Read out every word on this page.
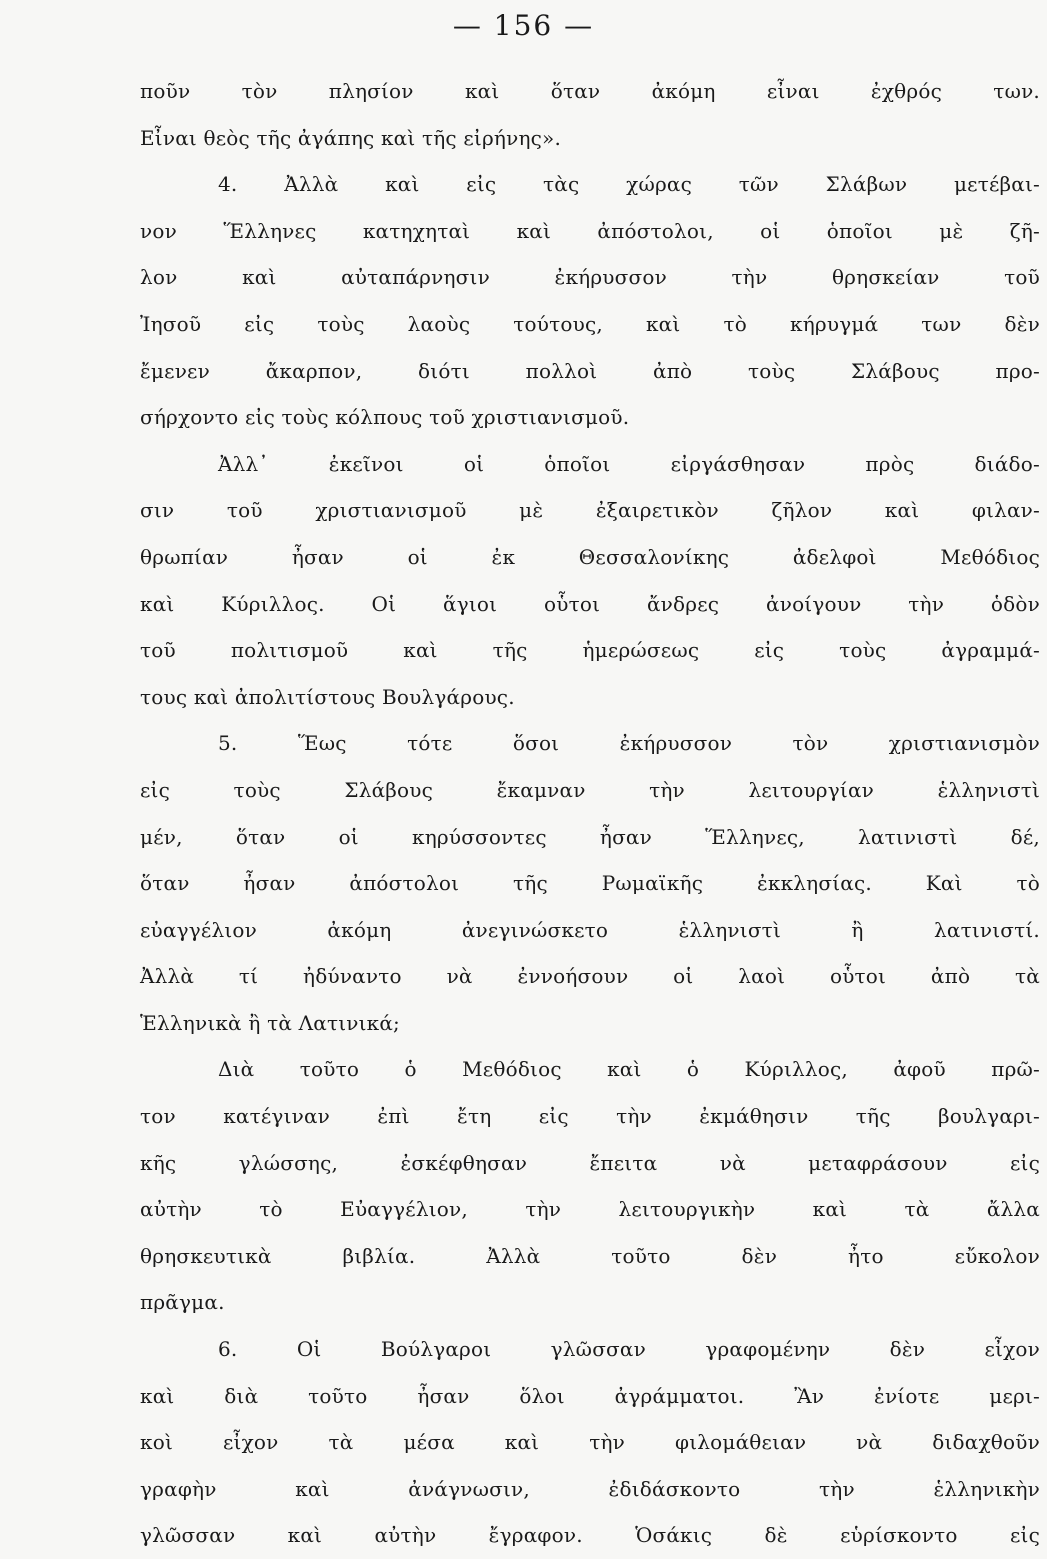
— 156 —
ποῦν τὸν πλησίον καὶ ὅταν ἀκόμη εἶναι ἐχθρός των.
Εἶναι θεὸς τῆς ἀγάπης καὶ τῆς εἰρήνης».
4. Ἀλλὰ καὶ εἰς τὰς χώρας τῶν Σλάβων μετέβαι-
νον Ἕλληνες κατηχηταὶ καὶ ἀπόστολοι, οἱ ὁποῖοι μὲ ζῆ-
λον καὶ αὐταπάρνησιν ἐκήρυσσον τὴν θρησκείαν τοῦ
Ἰησοῦ εἰς τοὺς λαοὺς τούτους, καὶ τὸ κήρυγμά των δὲν
ἔμενεν ἄκαρπον, διότι πολλοὶ ἀπὸ τοὺς Σλάβους προ-
σήρχοντο εἰς τοὺς κόλπους τοῦ χριστιανισμοῦ.
Ἀλλ᾽ ἐκεῖνοι οἱ ὁποῖοι εἰργάσθησαν πρὸς διάδο-
σιν τοῦ χριστιανισμοῦ μὲ ἐξαιρετικὸν ζῆλον καὶ φιλαν-
θρωπίαν ἦσαν οἱ ἐκ Θεσσαλονίκης ἀδελφοὶ Μεθόδιος
καὶ Κύριλλος. Οἱ ἅγιοι οὗτοι ἄνδρες ἀνοίγουν τὴν ὁδὸν
τοῦ πολιτισμοῦ καὶ τῆς ἡμερώσεως εἰς τοὺς ἀγραμμά-
τους καὶ ἀπολιτίστους Βουλγάρους.
5. Ἕως τότε ὅσοι ἐκήρυσσον τὸν χριστιανισμὸν
εἰς τοὺς Σλάβους ἔκαμναν τὴν λειτουργίαν ἑλληνιστὶ
μέν, ὅταν οἱ κηρύσσοντες ἦσαν Ἕλληνες, λατινιστὶ δέ,
ὅταν ἦσαν ἀπόστολοι τῆς Ρωμαϊκῆς ἐκκλησίας. Καὶ τὸ
εὐαγγέλιον ἀκόμη ἀνεγινώσκετο ἑλληνιστὶ ἢ λατινιστί.
Ἀλλὰ τί ἠδύναντο νὰ ἐννοήσουν οἱ λαοὶ οὗτοι ἀπὸ τὰ
Ἑλληνικὰ ἢ τὰ Λατινικά;
Διὰ τοῦτο ὁ Μεθόδιος καὶ ὁ Κύριλλος, ἀφοῦ πρῶ-
τον κατέγιναν ἐπὶ ἔτη εἰς τὴν ἐκμάθησιν τῆς βουλγαρι-
κῆς γλώσσης, ἐσκέφθησαν ἔπειτα νὰ μεταφράσουν εἰς
αὐτὴν τὸ Εὐαγγέλιον, τὴν λειτουργικὴν καὶ τὰ ἄλλα
θρησκευτικὰ βιβλία. Ἀλλὰ τοῦτο δὲν ἦτο εὔκολον
πρᾶγμα.
6. Οἱ Βούλγαροι γλῶσσαν γραφομένην δὲν εἶχον
καὶ διὰ τοῦτο ἦσαν ὅλοι ἀγράμματοι. Ἂν ἐνίοτε μερι-
κοὶ εἶχον τὰ μέσα καὶ τὴν φιλομάθειαν νὰ διδαχθοῦν
γραφὴν καὶ ἀνάγνωσιν, ἐδιδάσκοντο τὴν ἑλληνικὴν
γλῶσσαν καὶ αὐτὴν ἔγραφον. Ὁσάκις δὲ εὑρίσκοντο εἰς
